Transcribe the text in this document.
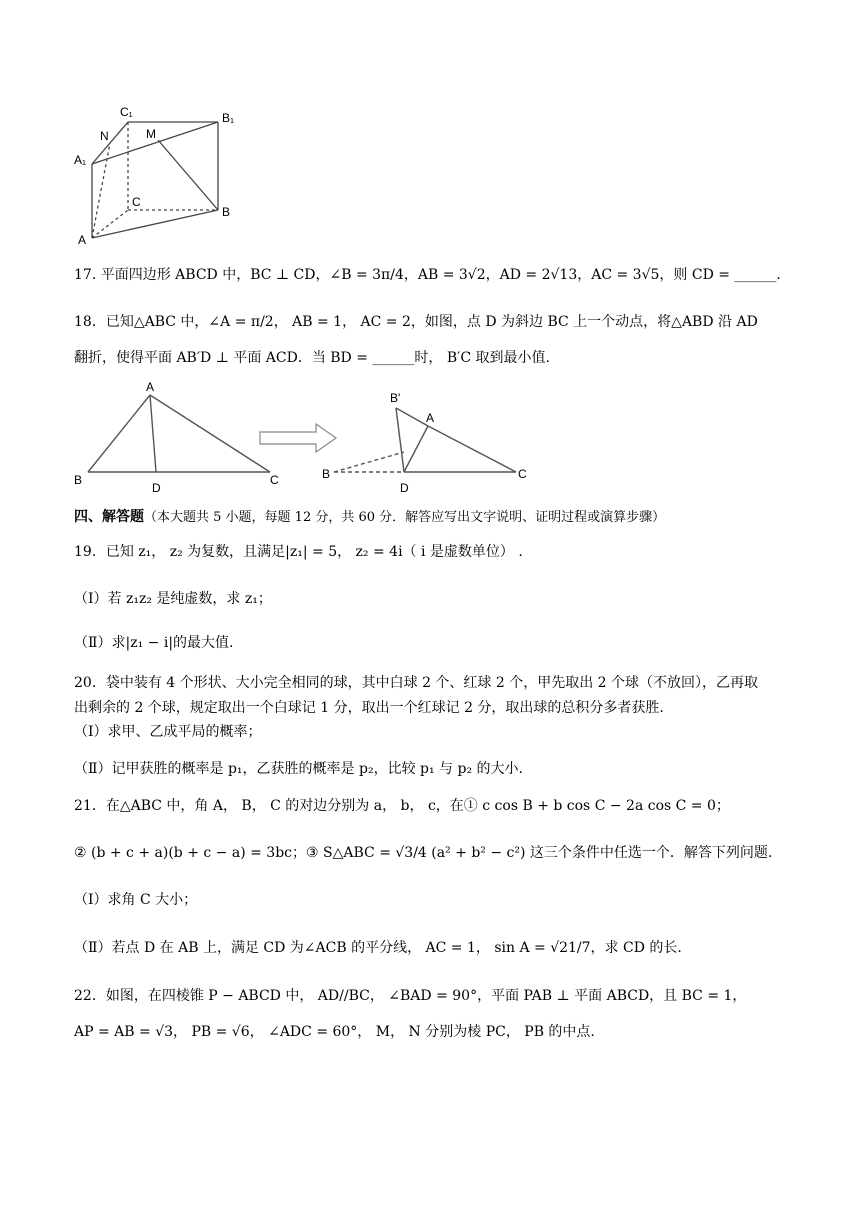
C₁	B₁
N	M
A₁
C
B
A
17. 平面四边形 ABCD 中，BC ⊥ CD，∠B = 3π/4，AB = 3√2，AD = 2√13，AC = 3√5，则 CD = ______.
18．已知△ABC 中，∠A = π/2， AB = 1， AC = 2，如图，点 D 为斜边 BC 上一个动点，将△ABD 沿 AD
翻折，使得平面 AB′D ⊥ 平面 ACD．当 BD = ______时， B′C 取到最小值.
A
B
D
C
B'
A
B
D
C
四、解答题（本大题共 5 小题，每题 12 分，共 60 分．解答应写出文字说明、证明过程或演算步骤）
19．已知 z₁， z₂ 为复数，且满足|z₁| = 5， z₂ = 4i（ i 是虚数单位） .
（Ⅰ）若 z₁z₂ 是纯虚数，求 z₁；
（Ⅱ）求|z₁ − i|的最大值.
20．袋中装有 4 个形状、大小完全相同的球，其中白球 2 个、红球 2 个，甲先取出 2 个球（不放回），乙再取
出剩余的 2 个球，规定取出一个白球记 1 分，取出一个红球记 2 分，取出球的总积分多者获胜.
（Ⅰ）求甲、乙成平局的概率；
（Ⅱ）记甲获胜的概率是 p₁，乙获胜的概率是 p₂，比较 p₁ 与 p₂ 的大小.
21．在△ABC 中，角 A， B， C 的对边分别为 a， b， c，在① c cos B + b cos C − 2a cos C = 0；
② (b + c + a)(b + c − a) = 3bc；③ S△ABC = √3/4 (a² + b² − c²) 这三个条件中任选一个．解答下列问题.
（Ⅰ）求角 C 大小；
（Ⅱ）若点 D 在 AB 上，满足 CD 为∠ACB 的平分线， AC = 1， sin A = √21/7，求 CD 的长.
22．如图，在四棱锥 P − ABCD 中， AD//BC， ∠BAD = 90°，平面 PAB ⊥ 平面 ABCD，且 BC = 1，
AP = AB = √3， PB = √6， ∠ADC = 60°， M， N 分别为棱 PC， PB 的中点.
